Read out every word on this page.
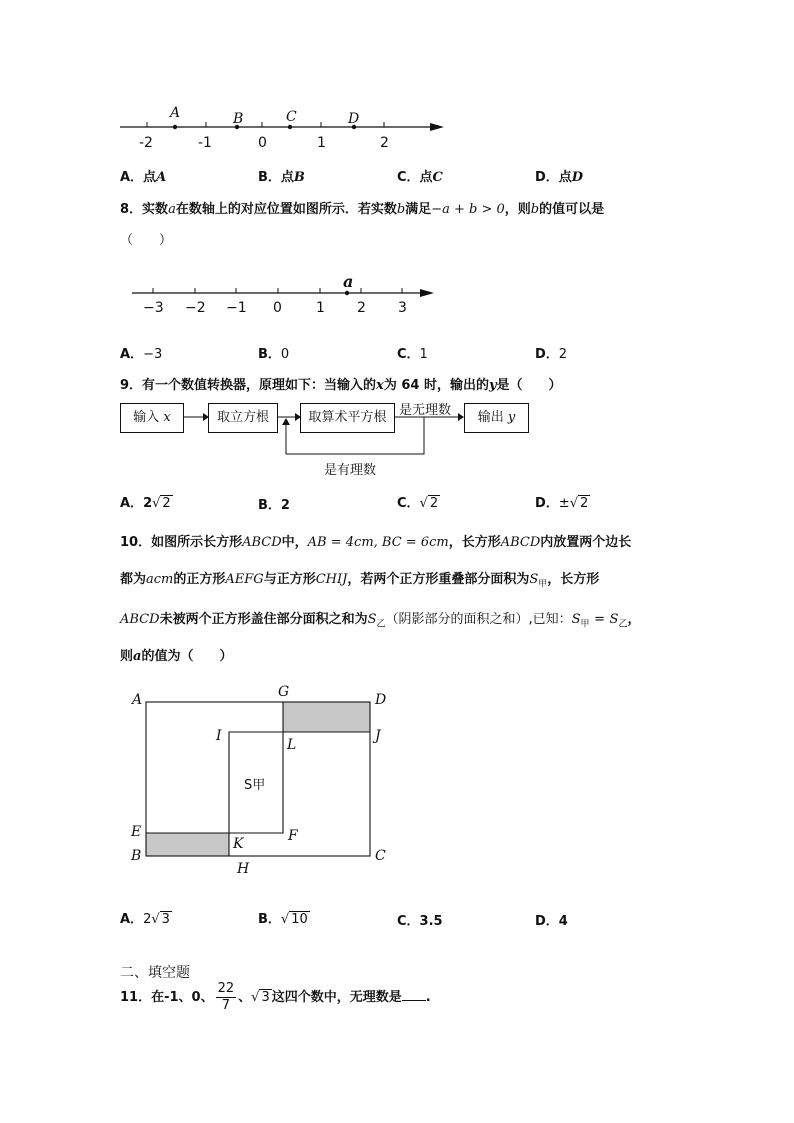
-2	-1	0	1	2
A	B	C	D
A．点A	B．点B	C．点C	D．点D
8．实数a在数轴上的对应位置如图所示．若实数b满足−a + b > 0，则b的值可以是
（　　）
−3 −2 −1 0 1 2 3
a
A．−3	B．0	C．1	D．2
9．有一个数值转换器，原理如下：当输入的x为 64 时，输出的y是（　　）
输入 x	取立方根	取算术平方根	输出 y
是无理数
是有理数
A．2√ 2	B．2	C．√ 2	D．±√ 2
10．如图所示长方形ABCD中，AB = 4cm, BC = 6cm，长方形ABCD内放置两个边长
都为acm的正方形AEFG与正方形CHIJ，若两个正方形重叠部分面积为$S_甲$，长方形
ABCD未被两个正方形盖住部分面积之和为$S_乙$（阴影部分的面积之和）,已知：$S_甲 = S_乙$，
则a的值为（　　）
A	G	D
I
L
J
S甲
E	F
B
K
C
H
A．2√ 3	B．√ 10	C．3.5	D．4
二、填空题
11．在-1、0、 $\frac{22}{7}$ 、√ 3 这四个数中，无理数是 .
